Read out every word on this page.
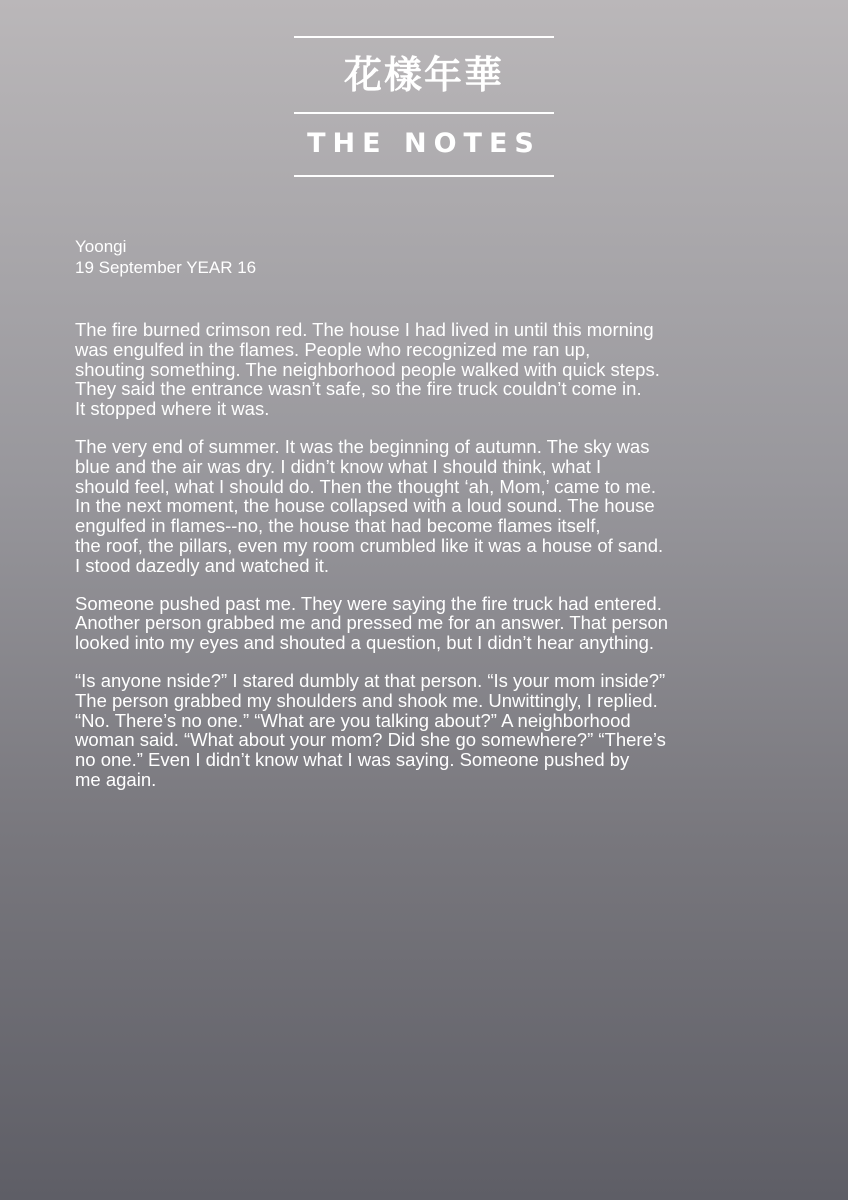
花樣年華
THE NOTES
Yoongi
19 September YEAR 16

The fire burned crimson red. The house I had lived in until this morning
was engulfed in the flames. People who recognized me ran up,
shouting something. The neighborhood people walked with quick steps.
They said the entrance wasn’t safe, so the fire truck couldn’t come in.
It stopped where it was.

The very end of summer. It was the beginning of autumn. The sky was
blue and the air was dry. I didn’t know what I should think, what I
should feel, what I should do. Then the thought ‘ah, Mom,’ came to me.
In the next moment, the house collapsed with a loud sound. The house
engulfed in flames--no, the house that had become flames itself,
the roof, the pillars, even my room crumbled like it was a house of sand.
I stood dazedly and watched it.

Someone pushed past me. They were saying the fire truck had entered.
Another person grabbed me and pressed me for an answer. That person
looked into my eyes and shouted a question, but I didn’t hear anything.

“Is anyone nside?” I stared dumbly at that person. “Is your mom inside?”
The person grabbed my shoulders and shook me. Unwittingly, I replied.
“No. There’s no one.” “What are you talking about?” A neighborhood
woman said. “What about your mom? Did she go somewhere?” “There’s
no one.” Even I didn’t know what I was saying. Someone pushed by
me again.
